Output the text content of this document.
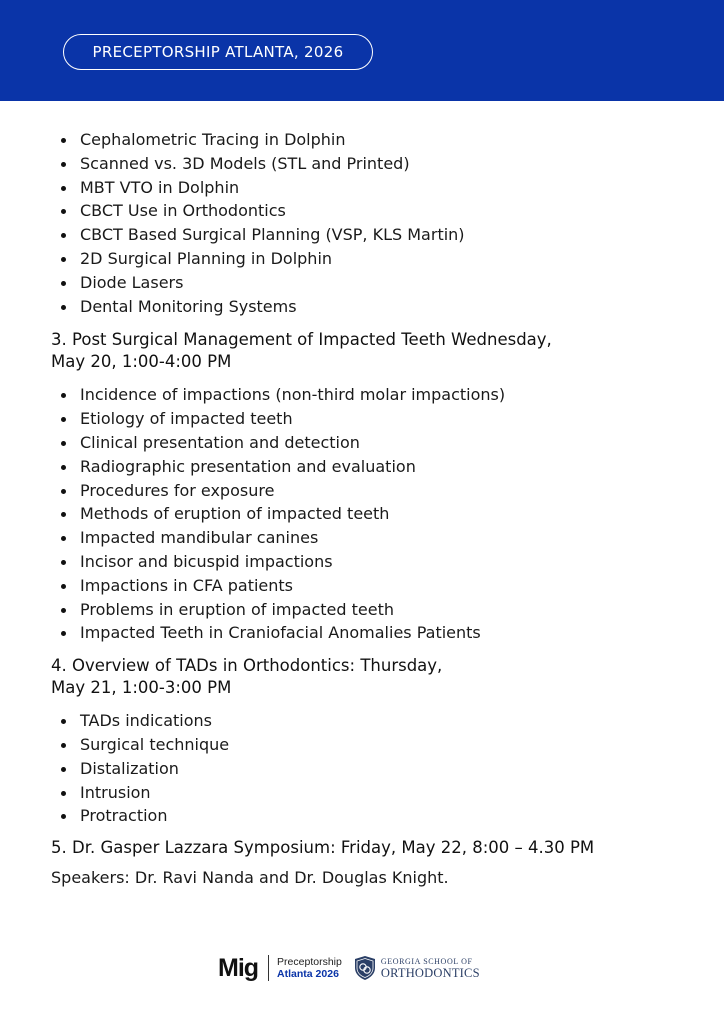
PRECEPTORSHIP ATLANTA, 2026
Cephalometric Tracing in Dolphin
Scanned vs. 3D Models (STL and Printed)
MBT VTO in Dolphin
CBCT Use in Orthodontics
CBCT Based Surgical Planning (VSP, KLS Martin)
2D Surgical Planning in Dolphin
Diode Lasers
Dental Monitoring Systems
3. Post Surgical Management of Impacted Teeth Wednesday,
May 20, 1:00-4:00 PM
Incidence of impactions (non-third molar impactions)
Etiology of impacted teeth
Clinical presentation and detection
Radiographic presentation and evaluation
Procedures for exposure
Methods of eruption of impacted teeth
Impacted mandibular canines
Incisor and bicuspid impactions
Impactions in CFA patients
Problems in eruption of impacted teeth
Impacted Teeth in Craniofacial Anomalies Patients
4. Overview of TADs in Orthodontics: Thursday,
May 21, 1:00-3:00 PM
TADs indications
Surgical technique
Distalization
Intrusion
Protraction
5. Dr. Gasper Lazzara Symposium: Friday, May 22, 8:00 – 4.30 PM
Speakers: Dr. Ravi Nanda and Dr. Douglas Knight.
Mig Preceptorship
Atlanta 2026
GEORGIA SCHOOL OF
ORTHODONTICS
